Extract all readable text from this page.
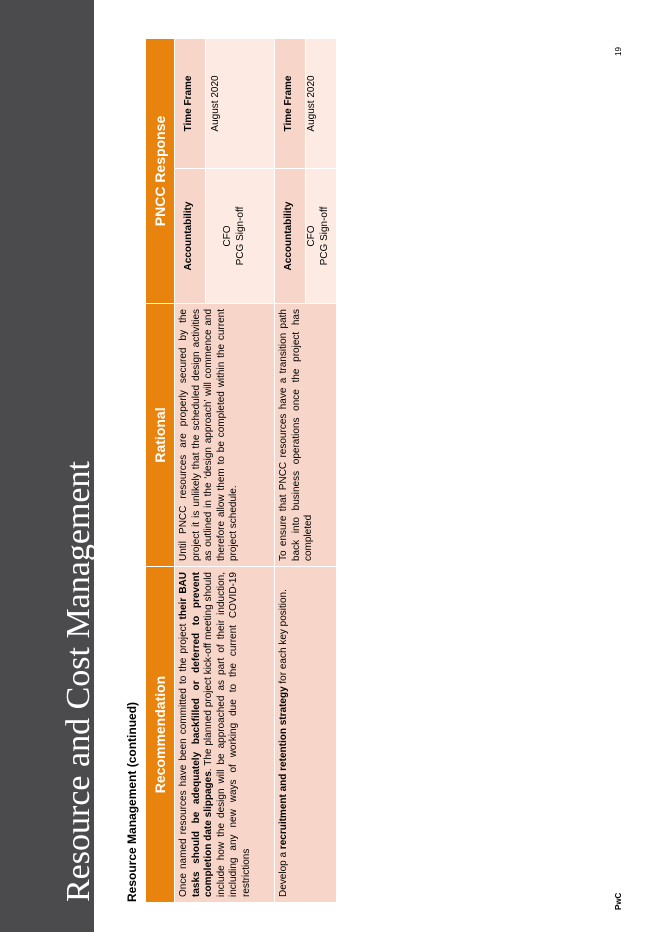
Resource and Cost Management Resource Management (continued) Recommendation
Rational
PNCC Response
Once named resources have been committed to the project their BAU tasks should be adequately backfilled or deferred to prevent completion date slippages. The planned project kick-off meeting should include how the design will be approached as part of their induction, including any new ways of working due to the current COVID-19 restrictions
Until PNCC resources are properly secured by the project it is unlikely that the scheduled design activities as outlined in the ‘design approach’ will commence and therefore allow them to be completed within the current project schedule.
Accountability
Time Frame
CFO PCG Sign-off
August 2020
Develop a recruitment and retention strategy for each key position.
To ensure that PNCC resources have a transition path back into business operations once the project has completed
Accountability
Time Frame
CFO PCG Sign-off
August 2020
PwC
19
